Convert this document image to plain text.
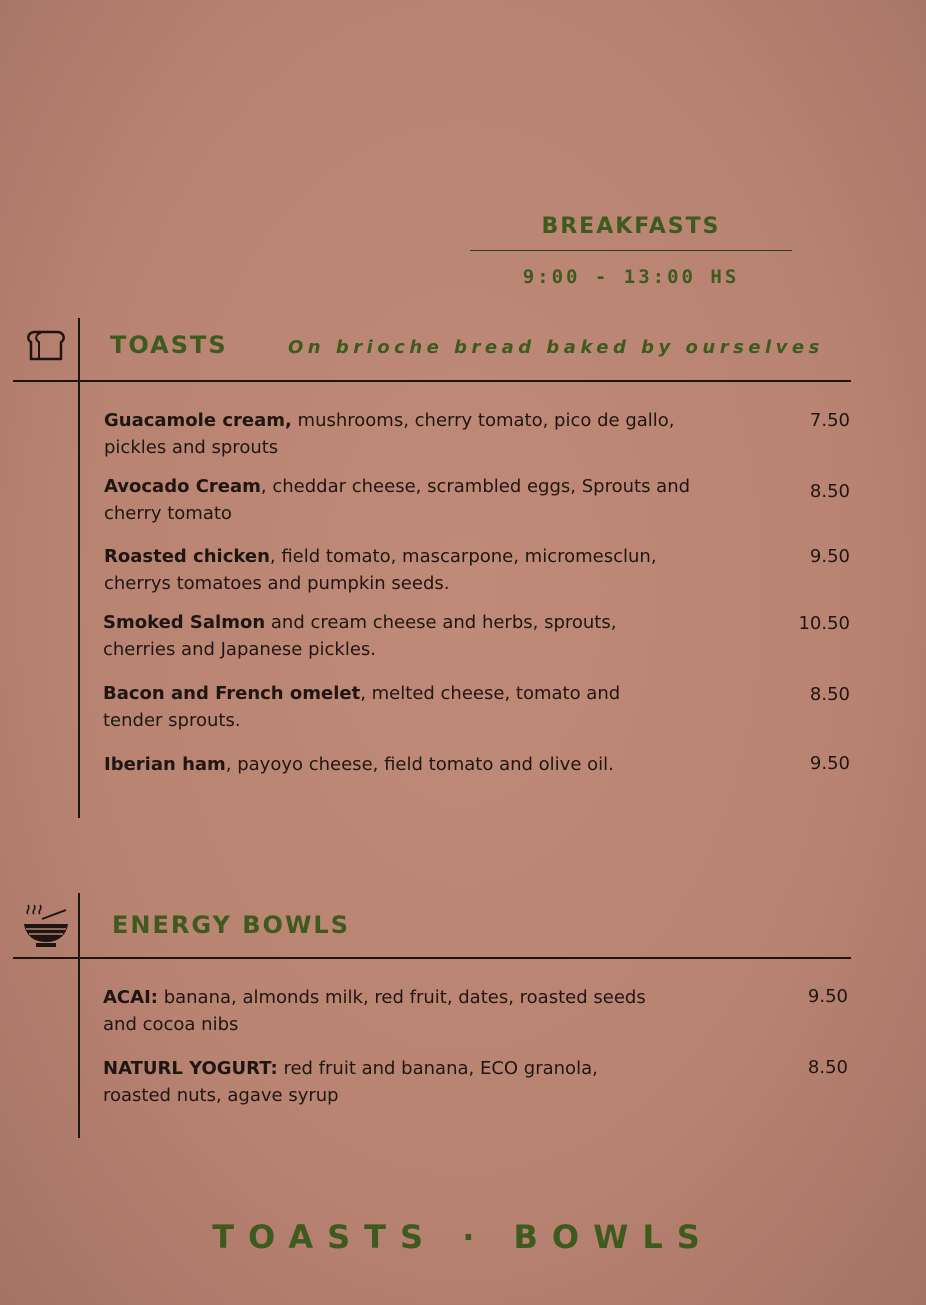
BREAKFASTS
9:00 - 13:00 HS
TOASTS	On brioche bread baked by ourselves
Guacamole cream, mushrooms, cherry tomato, pico de gallo, pickles and sprouts
7.50
Avocado Cream, cheddar cheese, scrambled eggs, Sprouts and cherry tomato
8.50
Roasted chicken, field tomato, mascarpone, micromesclun, cherrys tomatoes and pumpkin seeds.
9.50
Smoked Salmon and cream cheese and herbs, sprouts, cherries and Japanese pickles.
10.50
Bacon and French omelet, melted cheese, tomato and tender sprouts.
8.50
Iberian ham, payoyo cheese, field tomato and olive oil.	9.50
ENERGY BOWLS
ACAI: banana, almonds milk, red fruit, dates, roasted seeds and cocoa nibs
9.50
NATURL YOGURT: red fruit and banana, ECO granola, roasted nuts, agave syrup
8.50
TOASTS · BOWLS
